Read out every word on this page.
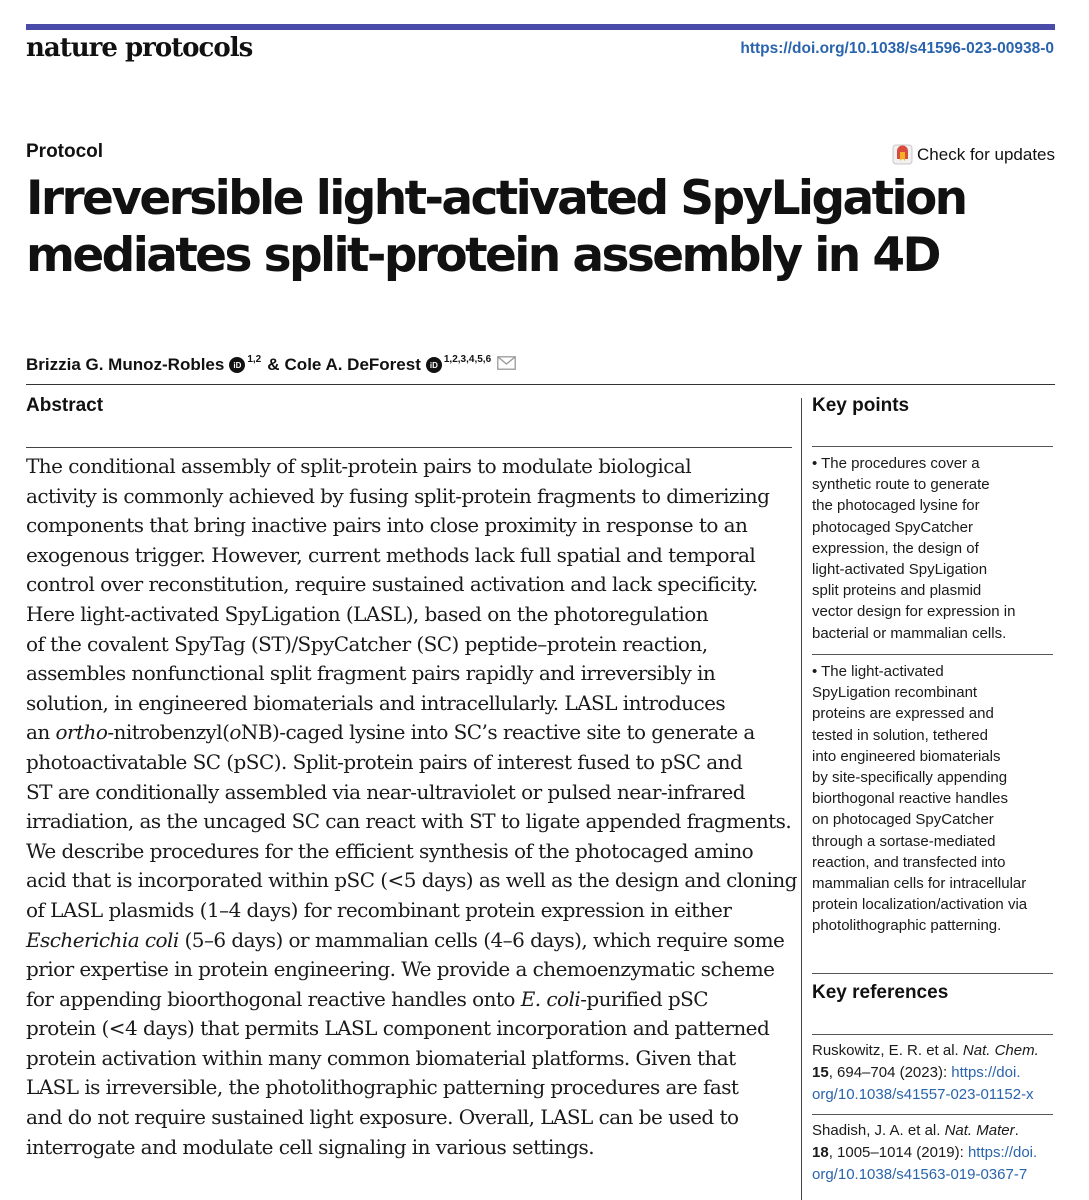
nature protocols	https://doi.org/10.1038/s41596-023-00938-0
Protocol	Check for updates
Irreversible light-activated SpyLigation
mediates split-protein assembly in 4D
Brizzia G. Munoz-Robles	iD
1,2 & Cole A. DeForest	iD
1,2,3,4,5,6
Abstract
The conditional assembly of split-protein pairs to modulate biological
activity is commonly achieved by fusing split-protein fragments to dimerizing
components that bring inactive pairs into close proximity in response to an
exogenous trigger. However, current methods lack full spatial and temporal
control over reconstitution, require sustained activation and lack specificity.
Here light-activated SpyLigation (LASL), based on the photoregulation
of the covalent SpyTag (ST)/SpyCatcher (SC) peptide–protein reaction,
assembles nonfunctional split fragment pairs rapidly and irreversibly in
solution, in engineered biomaterials and intracellularly. LASL introduces
an ortho-nitrobenzyl(oNB)-caged lysine into SC’s reactive site to generate a
photoactivatable SC (pSC). Split-protein pairs of interest fused to pSC and
ST are conditionally assembled via near-ultraviolet or pulsed near-infrared
irradiation, as the uncaged SC can react with ST to ligate appended fragments.
We describe procedures for the efficient synthesis of the photocaged amino
acid that is incorporated within pSC (<5 days) as well as the design and cloning
of LASL plasmids (1–4 days) for recombinant protein expression in either
Escherichia coli (5–6 days) or mammalian cells (4–6 days), which require some
prior expertise in protein engineering. We provide a chemoenzymatic scheme
for appending bioorthogonal reactive handles onto E. coli-purified pSC
protein (<4 days) that permits LASL component incorporation and patterned
protein activation within many common biomaterial platforms. Given that
LASL is irreversible, the photolithographic patterning procedures are fast
and do not require sustained light exposure. Overall, LASL can be used to
interrogate and modulate cell signaling in various settings.
Key points
• The procedures cover a
synthetic route to generate
the photocaged lysine for
photocaged SpyCatcher
expression, the design of
light-activated SpyLigation
split proteins and plasmid
vector design for expression in
bacterial or mammalian cells.
• The light-activated
SpyLigation recombinant
proteins are expressed and
tested in solution, tethered
into engineered biomaterials
by site-specifically appending
biorthogonal reactive handles
on photocaged SpyCatcher
through a sortase-mediated
reaction, and transfected into
mammalian cells for intracellular
protein localization/activation via
photolithographic patterning.
Key references
Ruskowitz, E. R. et al. Nat. Chem.
15, 694–704 (2023): https://doi.
org/10.1038/s41557-023-01152-x
Shadish, J. A. et al. Nat. Mater.
18, 1005–1014 (2019): https://doi.
org/10.1038/s41563-019-0367-7
